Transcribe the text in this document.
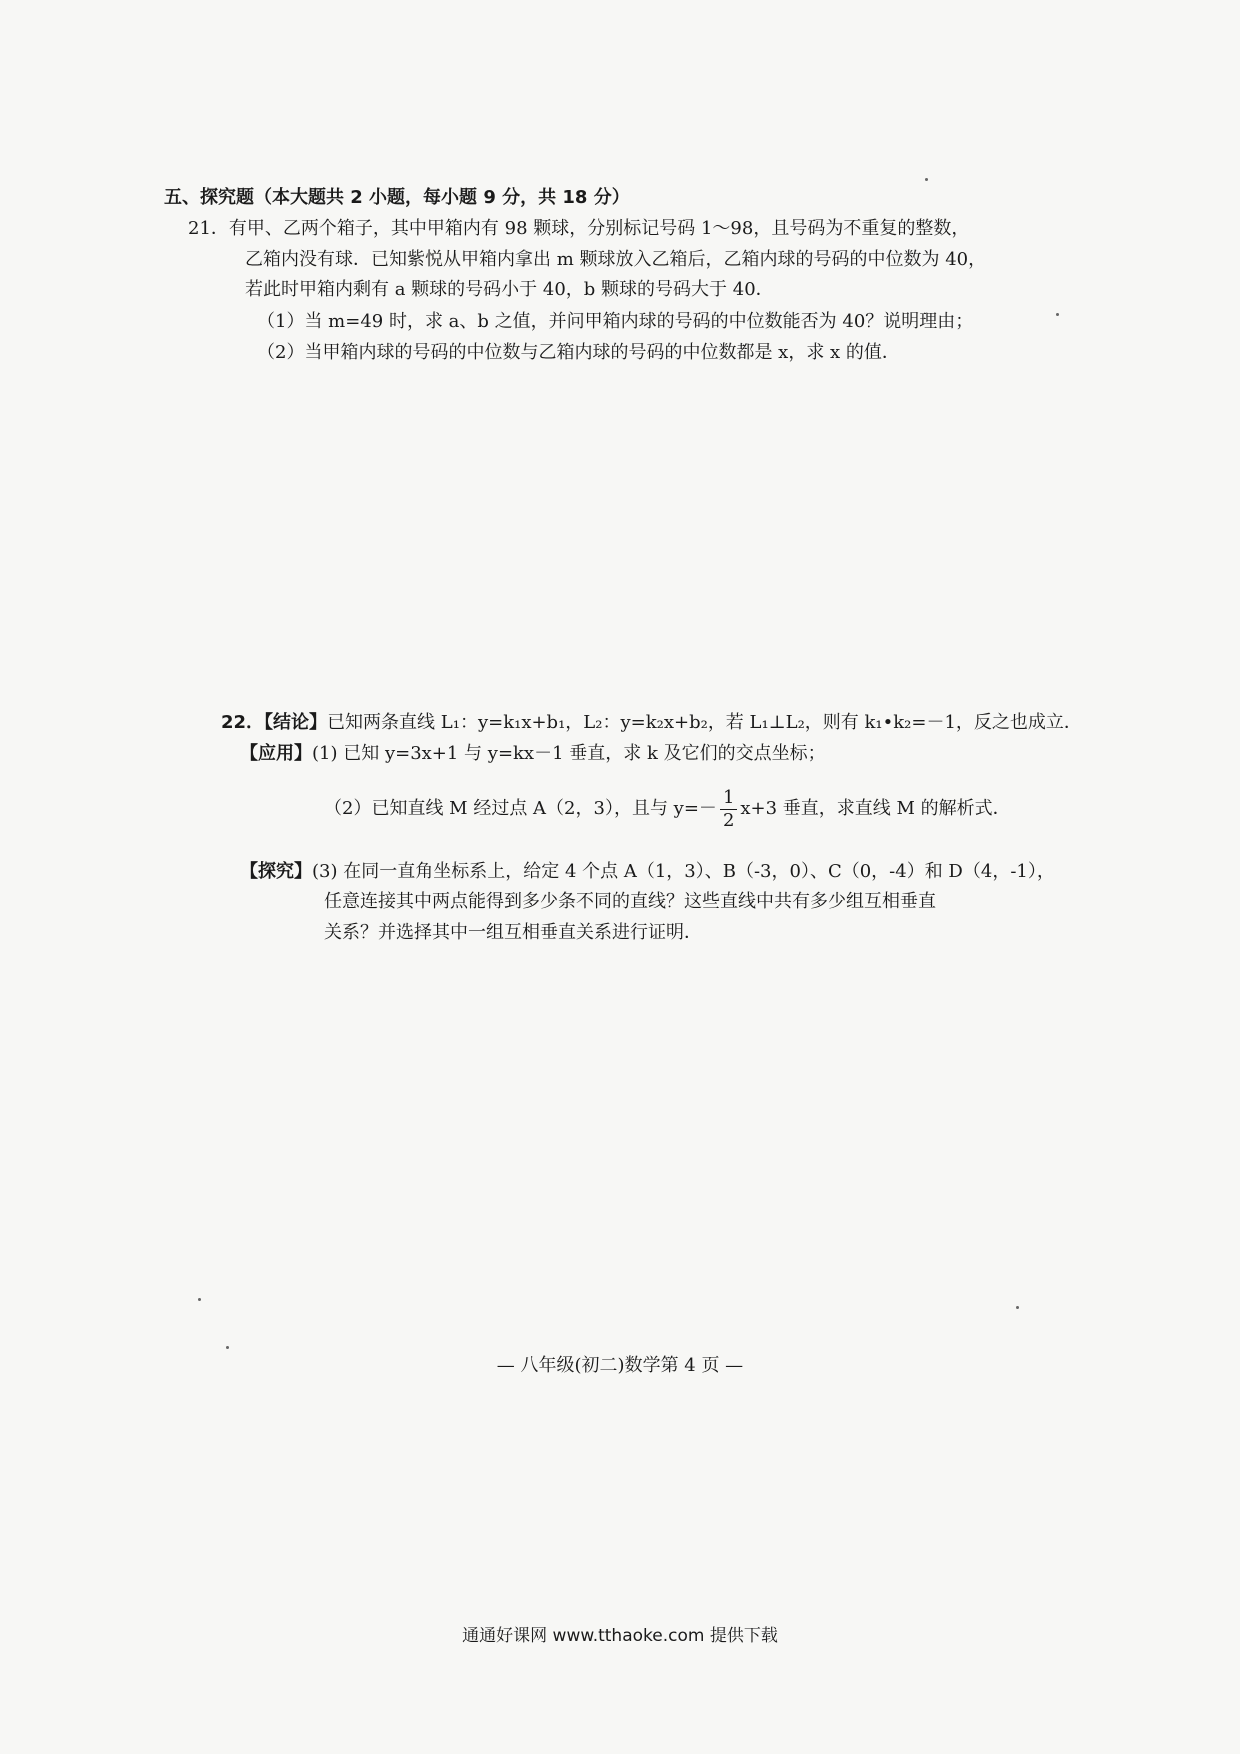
五、探究题（本大题共 2 小题，每小题 9 分，共 18 分）
21．有甲、乙两个箱子，其中甲箱内有 98 颗球，分别标记号码 1～98，且号码为不重复的整数，
乙箱内没有球．已知紫悦从甲箱内拿出 m 颗球放入乙箱后，乙箱内球的号码的中位数为 40，
若此时甲箱内剩有 a 颗球的号码小于 40，b 颗球的号码大于 40．
（1）当 m=49 时，求 a、b 之值，并问甲箱内球的号码的中位数能否为 40？说明理由；
（2）当甲箱内球的号码的中位数与乙箱内球的号码的中位数都是 x，求 x 的值．
22．【结论】已知两条直线 L₁：y=k₁x+b₁，L₂：y=k₂x+b₂，若 L₁⊥L₂，则有 k₁•k₂=－1，反之也成立．
【应用】(1) 已知 y=3x+1 与 y=kx－1 垂直，求 k 及它们的交点坐标；
（2）已知直线 M 经过点 A（2，3），且与 $y=- \frac{1}{2} x+3$ 垂直，求直线 M 的解析式．
【探究】(3) 在同一直角坐标系上，给定 4 个点 A（1，3）、B（-3，0）、C（0，-4）和 D（4，-1），
任意连接其中两点能得到多少条不同的直线？这些直线中共有多少组互相垂直
关系？并选择其中一组互相垂直关系进行证明．
— 八年级(初二)数学第 4 页 —
通通好课网 www.tthaoke.com 提供下载
